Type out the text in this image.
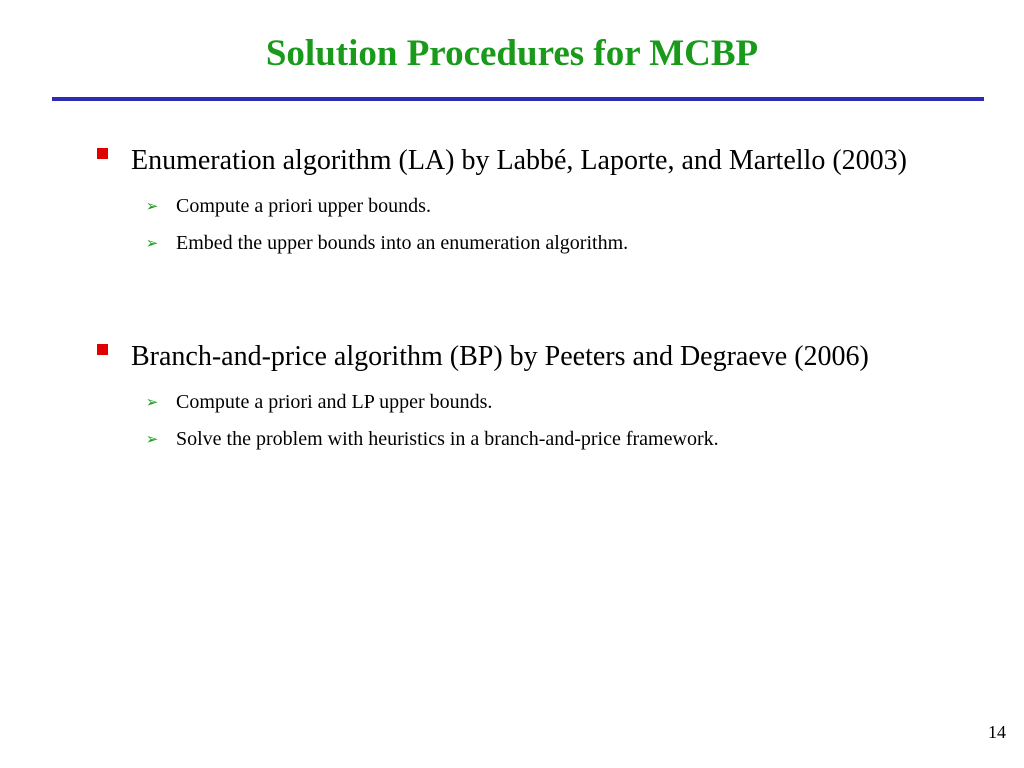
Solution Procedures for MCBP
Enumeration algorithm (LA) by Labbé, Laporte, and Martello (2003)
➢ Compute a priori upper bounds.
➢ Embed the upper bounds into an enumeration algorithm.
Branch-and-price algorithm (BP) by Peeters and Degraeve (2006)
➢ Compute a priori and LP upper bounds.
➢ Solve the problem with heuristics in a branch-and-price framework.
14
